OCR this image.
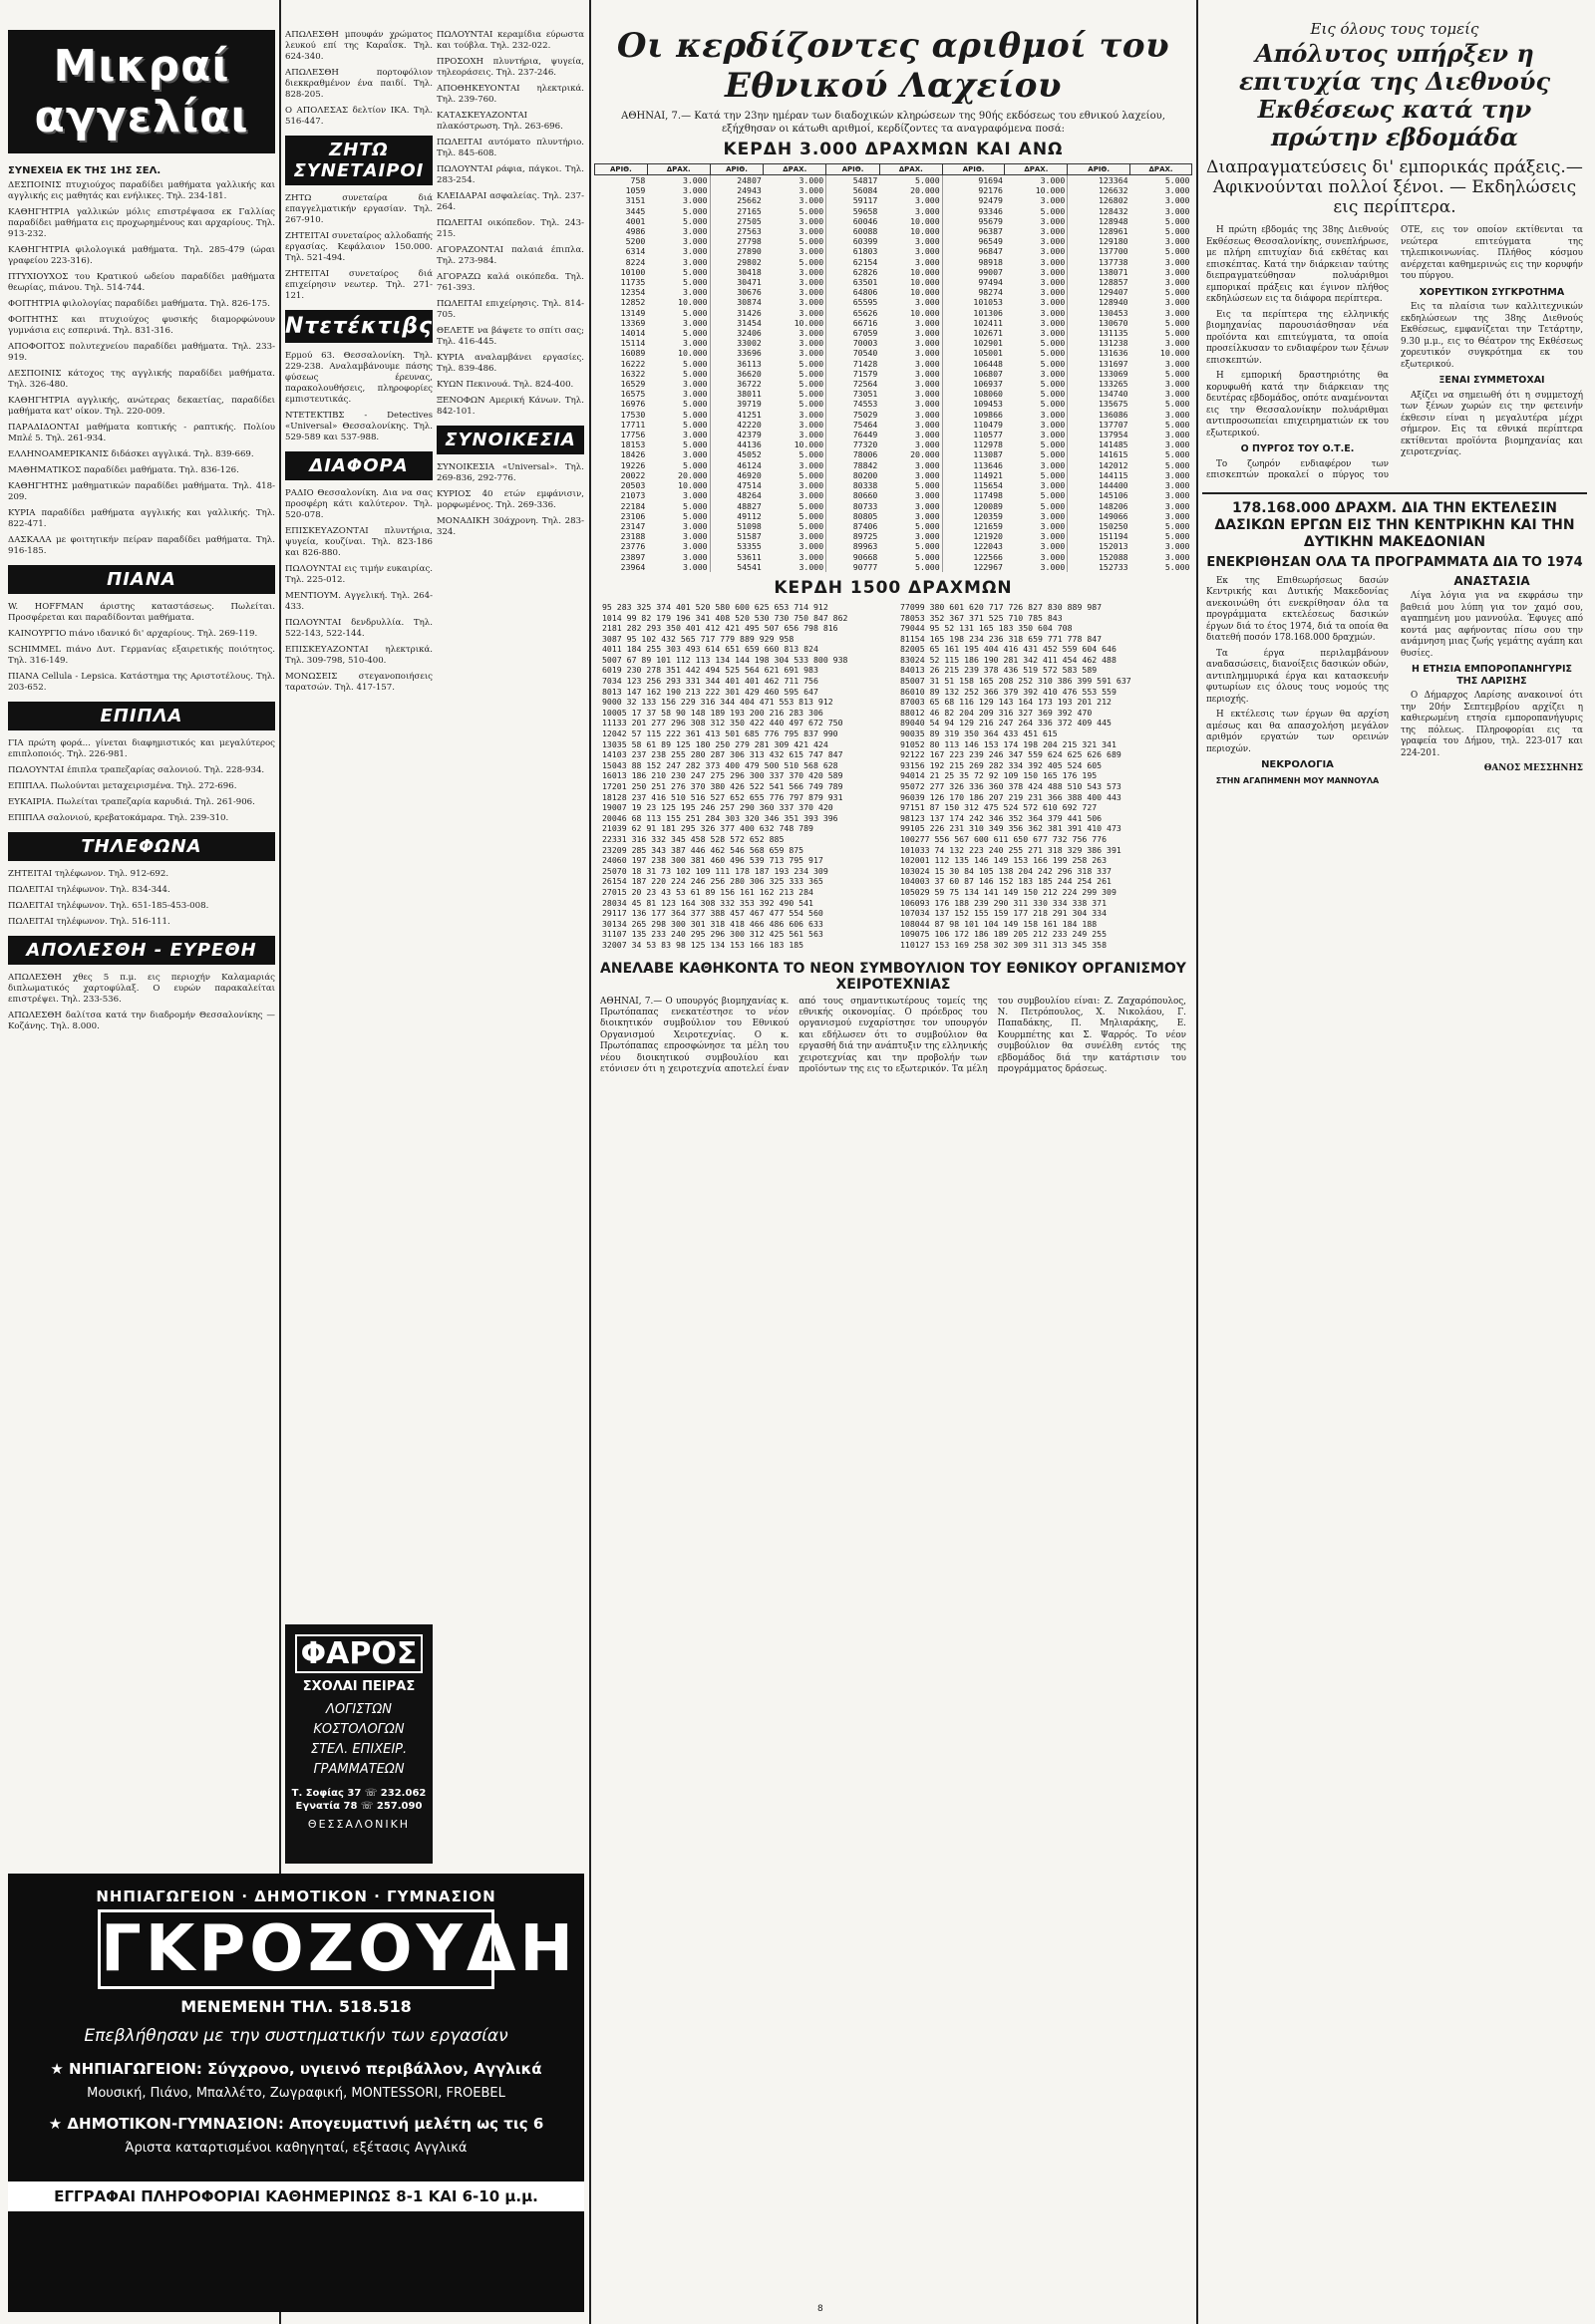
Μικραί αγγελίαι
ΣΥΝΕΧΕΙΑ ΕΚ ΤΗΣ 1ΗΣ ΣΕΛ.
ΔΕΣΠΟΙΝΙΣ πτυχιούχος παραδίδει μαθήματα γαλλικής και αγγλικής εις μαθητάς και ενήλικες. Τηλ. 234-181.
ΚΑΘΗΓΗΤΡΙΑ γαλλικών μόλις επιστρέψασα εκ Γαλλίας παραδίδει μαθήματα εις προχωρημένους και αρχαρίους. Τηλ. 913-232.
ΚΑΘΗΓΗΤΡΙΑ φιλολογικά μαθήματα. Τηλ. 285-479 (ώραι γραφείου 223-316).
ΠΤΥΧΙΟΥΧΟΣ του Κρατικού ωδείου παραδίδει μαθήματα θεωρίας, πιάνου. Τηλ. 514-744.
ΦΟΙΤΗΤΡΙΑ φιλολογίας παραδίδει μαθήματα. Τηλ. 826-175.
ΦΟΙΤΗΤΗΣ και πτυχιούχος φυσικής διαμορφώνουν γυμνάσια εις εσπερινά. Τηλ. 831-316.
ΑΠΟΦΟΙΤΟΣ πολυτεχνείου παραδίδει μαθήματα. Τηλ. 233-919.
ΔΕΣΠΟΙΝΙΣ κάτοχος της αγγλικής παραδίδει μαθήματα. Τηλ. 326-480.
ΚΑΘΗΓΗΤΡΙΑ αγγλικής, ανώτερας δεκαετίας, παραδίδει μαθήματα κατ' οίκον. Τηλ. 220-009.
ΠΑΡΑΔΙΔΟΝΤΑΙ μαθήματα κοπτικής - ραπτικής. Πολίου Μπλέ 5. Τηλ. 261-934.
ΕΛΛΗΝΟΑΜΕΡΙΚΑΝΙΣ διδάσκει αγγλικά. Τηλ. 839-669.
ΜΑΘΗΜΑΤΙΚΟΣ παραδίδει μαθήματα. Τηλ. 836-126.
ΚΑΘΗΓΗΤΗΣ μαθηματικών παραδίδει μαθήματα. Τηλ. 418-209.
ΚΥΡΙΑ παραδίδει μαθήματα αγγλικής και γαλλικής. Τηλ. 822-471.
ΔΑΣΚΑΛΑ με φοιτητικήν πείραν παραδίδει μαθήματα. Τηλ. 916-185.
ΠΙΑΝΑ
W. HOFFMAN άριστης καταστάσεως. Πωλείται. Προσφέρεται και παραδίδονται μαθήματα.
ΚΑΙΝΟΥΡΓΙΟ πιάνο ιδανικό δι' αρχαρίους. Τηλ. 269-119.
SCHIMMEL πιάνο Δυτ. Γερμανίας εξαιρετικής ποιότητος. Τηλ. 316-149.
ΠΙΑΝΑ Cellula - Lepsica. Κατάστημα της Αριστοτέλους. Τηλ. 203-652.
ΕΠΙΠΛΑ
ΓΙΑ πρώτη φορά... γίνεται διαφημιστικός και μεγαλύτερος επιπλοποιός. Τηλ. 226-981.
ΠΩΛΟΥΝΤΑΙ έπιπλα τραπεζαρίας σαλονιού. Τηλ. 228-934.
ΕΠΙΠΛΑ. Πωλούνται μεταχειρισμένα. Τηλ. 272-696.
ΕΥΚΑΙΡΙΑ. Πωλείται τραπεζαρία καρυδιά. Τηλ. 261-906.
ΕΠΙΠΛΑ σαλονιού, κρεβατοκάμαρα. Τηλ. 239-310.
ΤΗΛΕΦΩΝΑ
ΖΗΤΕΙΤΑΙ τηλέφωνον. Τηλ. 912-692.
ΠΩΛΕΙΤΑΙ τηλέφωνον. Τηλ. 834-344.
ΠΩΛΕΙΤΑΙ τηλέφωνον. Τηλ. 651-185-453-008.
ΠΩΛΕΙΤΑΙ τηλέφωνον. Τηλ. 516-111.
ΑΠΟΛΕΣΘΗ - ΕΥΡΕΘΗ
ΑΠΩΛΕΣΘΗ χθες 5 π.μ. εις περιοχήν Καλαμαριάς διπλωματικός χαρτοφύλαξ. Ο ευρών παρακαλείται επιστρέψει. Τηλ. 233-536.
ΑΠΩΛΕΣΘΗ δαλίτσα κατά την διαδρομήν Θεσσαλονίκης — Κοζάνης. Τηλ. 8.000.
ΑΠΩΛΕΣΘΗ μπουφάν χρώματος λευκού επί της Καραΐσκ. Τηλ. 624-340.
ΑΠΩΛΕΣΘΗ πορτοφόλιον διεκκραθμένον ένα παιδί. Τηλ. 828-205.
Ο ΑΠΟΛΕΣΑΣ δελτίον ΙΚΑ. Τηλ. 516-447.
ΖΗΤΩ ΣΥΝΕΤΑΙΡΟΙ
ΖΗΤΩ συνεταίρα διά επαγγελματικήν εργασίαν. Τηλ. 267-910.
ΖΗΤΕΙΤΑΙ συνεταίρος αλλοδαπής εργασίας. Κεφάλαιον 150.000. Τηλ. 521-494.
ΖΗΤΕΙΤΑΙ συνεταίρος διά επιχείρησιν νεωτερ. Τηλ. 271-121.
Ντετέκτιβς
Ερμού 63. Θεσσαλονίκη. Τηλ. 229-238. Αναλαμβάνουμε πάσης φύσεως έρευνας, παρακολουθήσεις, πληροφορίες εμπιστευτικάς.
ΝΤΕΤΕΚΤΙΒΣ - Detectives «Universal» Θεσσαλονίκης. Τηλ. 529-589 και 537-988.
ΔΙΑΦΟΡΑ
ΡΑΔΙΟ Θεσσαλονίκη. Δια να σας προσφέρη κάτι καλύτερον. Τηλ. 520-078.
ΕΠΙΣΚΕΥΑΖΟΝΤΑΙ πλυντήρια, ψυγεία, κουζίναι. Τηλ. 823-186 και 826-880.
ΠΩΛΟΥΝΤΑΙ εις τιμήν ευκαιρίας. Τηλ. 225-012.
ΜΕΝΤΙΟΥΜ. Αγγελική. Τηλ. 264-433.
ΠΩΛΟΥΝΤΑΙ δενδρυλλία. Τηλ. 522-143, 522-144.
ΕΠΙΣΚΕΥΑΖΟΝΤΑΙ ηλεκτρικά. Τηλ. 309-798, 510-400.
ΜΟΝΩΣΕΙΣ στεγανοποιήσεις ταρατσών. Τηλ. 417-157.
ΠΩΛΟΥΝΤΑΙ κεραμίδια εύρωστα και τούβλα. Τηλ. 232-022.
ΠΡΟΣΟΧΗ πλυντήρια, ψυγεία, τηλεοράσεις. Τηλ. 237-246.
ΑΠΟΘΗΚΕΥΟΝΤΑΙ ηλεκτρικά. Τηλ. 239-760.
ΚΑΤΑΣΚΕΥΑΖΟΝΤΑΙ πλακόστρωση. Τηλ. 263-696.
ΠΩΛΕΙΤΑΙ αυτόματο πλυντήριο. Τηλ. 845-608.
ΠΩΛΟΥΝΤΑΙ ράφια, πάγκοι. Τηλ. 283-254.
ΚΛΕΙΔΑΡΑΙ ασφαλείας. Τηλ. 237-264.
ΠΩΛΕΙΤΑΙ οικόπεδον. Τηλ. 243-215.
ΑΓΟΡΑΖΟΝΤΑΙ παλαιά έπιπλα. Τηλ. 273-984.
ΑΓΟΡΑΖΩ καλά οικόπεδα. Τηλ. 761-393.
ΠΩΛΕΙΤΑΙ επιχείρησις. Τηλ. 814-705.
ΘΕΛΕΤΕ να βάψετε το σπίτι σας; Τηλ. 416-445.
ΚΥΡΙΑ αναλαμβάνει εργασίες. Τηλ. 839-486.
ΚΥΩΝ Πεκινουά. Τηλ. 824-400.
ΞΕΝΟΦΩΝ Αμερική Κάνων. Τηλ. 842-101.
ΣΥΝΟΙΚΕΣΙΑ
ΣΥΝΟΙΚΕΣΙΑ «Universal». Τηλ. 269-836, 292-776.
ΚΥΡΙΟΣ 40 ετών εμφάνισιν, μορφωμένος. Τηλ. 269-336.
ΜΟΝΑΔΙΚΗ 30άχρονη. Τηλ. 283-324.
ΦΑΡΟΣ
ΣΧΟΛΑΙ ΠΕΙΡΑΣ
ΛΟΓΙΣΤΩΝ
ΚΟΣΤΟΛΟΓΩΝ
ΣΤΕΛ. ΕΠΙΧΕΙΡ.
ΓΡΑΜΜΑΤΕΩΝ
Τ. Σοφίας 37 ☏ 232.062
Εγνατία 78 ☏ 257.090
ΘΕΣΣΑΛΟΝΙΚΗ
ΝΗΠΙΑΓΩΓΕΙΟΝ · ΔΗΜΟΤΙΚΟΝ · ΓΥΜΝΑΣΙΟΝ
ΓΚΡΟΖΟΥΔΗ
ΜΕΝΕΜΕΝΗ ΤΗΛ. 518.518
Επεβλήθησαν με την συστηματικήν των εργασίαν
★ ΝΗΠΙΑΓΩΓΕΙΟΝ: Σύγχρονο, υγιεινό περιβάλλον, Αγγλικά
Μουσική, Πιάνο, Μπαλλέτο, Ζωγραφική, MONTESSORI, FROEBEL
★ ΔΗΜΟΤΙΚΟΝ-ΓΥΜΝΑΣΙΟΝ: Απογευματινή μελέτη ως τις 6
Άριστα καταρτισμένοι καθηγηταί, εξέτασις Αγγλικά
ΕΓΓΡΑΦΑΙ ΠΛΗΡΟΦΟΡΙΑΙ ΚΑΘΗΜΕΡΙΝΩΣ 8-1 ΚΑΙ 6-10 μ.μ.
Οι κερδίζοντες αριθμοί του Εθνικού Λαχείου
ΑΘΗΝΑΙ, 7.— Κατά την 23ην ημέραν των διαδοχικών κληρώσεων της 90ής εκδόσεως του εθνικού λαχείου, εξήχθησαν οι κάτωθι αριθμοί, κερδίζοντες τα αναγραφόμενα ποσά:
ΚΕΡΔΗ 3.000 ΔΡΑΧΜΩΝ ΚΑΙ ΑΝΩ
ΑΡΙΘ.	ΔΡΑΧ.	ΑΡΙΘ.	ΔΡΑΧ.	ΑΡΙΘ.	ΔΡΑΧ.	ΑΡΙΘ.	ΔΡΑΧ.	ΑΡΙΘ.	ΔΡΑΧ.
758	3.000	24807	3.000	54817	5.000	91694	3.000	123364	5.000
1059	3.000	24943	3.000	56084	20.000	92176	10.000	126632	3.000
3151	3.000	25662	3.000	59117	3.000	92479	3.000	126802	3.000
3445	5.000	27165	5.000	59658	3.000	93346	5.000	128432	3.000
4001	5.000	27505	3.000	60046	10.000	95679	3.000	128948	5.000
4986	3.000	27563	3.000	60088	10.000	96387	3.000	128961	5.000
5200	3.000	27798	5.000	60399	3.000	96549	3.000	129180	3.000
6314	3.000	27890	3.000	61803	3.000	96847	3.000	137700	5.000
8224	3.000	29802	5.000	62154	3.000	98918	3.000	137738	3.000
10100	5.000	30418	3.000	62826	10.000	99007	3.000	138071	3.000
11735	5.000	30471	3.000	63501	10.000	97494	3.000	128857	3.000
12354	3.000	30676	3.000	64806	10.000	98274	3.000	129407	5.000
12852	10.000	30874	3.000	65595	3.000	101053	3.000	128940	3.000
13149	5.000	31426	3.000	65626	10.000	101306	3.000	130453	3.000
13369	3.000	31454	10.000	66716	3.000	102411	3.000	130670	5.000
14014	5.000	32406	3.000	67059	3.000	102671	3.000	131135	5.000
15114	3.000	33002	3.000	70003	3.000	102901	5.000	131238	3.000
16089	10.000	33696	3.000	70540	3.000	105001	5.000	131636	10.000
16222	5.000	36113	5.000	71428	3.000	106448	5.000	131697	3.000
16322	5.000	36620	5.000	71579	3.000	106807	3.000	133069	5.000
16529	3.000	36722	5.000	72564	3.000	106937	5.000	133265	3.000
16575	3.000	38011	5.000	73051	3.000	108060	5.000	134740	3.000
16976	5.000	39719	5.000	74553	3.000	109453	5.000	135675	5.000
17530	5.000	41251	3.000	75029	3.000	109866	3.000	136086	3.000
17711	5.000	42220	3.000	75464	3.000	110479	3.000	137707	5.000
17756	3.000	42379	3.000	76449	3.000	110577	3.000	137954	3.000
18153	5.000	44136	10.000	77320	3.000	112978	5.000	141485	3.000
18426	3.000	45052	5.000	78006	20.000	113087	5.000	141615	5.000
19226	5.000	46124	3.000	78842	3.000	113646	3.000	142012	5.000
20022	20.000	46920	5.000	80200	3.000	114921	5.000	144115	3.000
20503	10.000	47514	3.000	80338	5.000	115654	3.000	144400	3.000
21073	3.000	48264	3.000	80660	3.000	117498	5.000	145106	3.000
22184	5.000	48827	5.000	80733	3.000	120089	5.000	148206	3.000
23106	5.000	49112	5.000	80805	3.000	120359	3.000	149066	3.000
23147	3.000	51098	5.000	87406	5.000	121659	3.000	150250	5.000
23188	3.000	51587	3.000	89725	3.000	121920	3.000	151194	5.000
23776	3.000	53355	3.000	89963	5.000	122043	3.000	152013	3.000
23897	3.000	53611	3.000	90668	5.000	122566	3.000	152088	3.000
23964	3.000	54541	3.000	90777	5.000	122967	3.000	152733	5.000
ΚΕΡΔΗ 1500 ΔΡΑΧΜΩΝ
95 283 325 374 401 520 580 600 625 653 714 912
1014 99 82 179 196 341 408 520 530 730 750 847 862
2181 282 293 350 401 412 421 495 507 656 798 816
3087 95 102 432 565 717 779 889 929 958
4011 184 255 303 493 614 651 659 660 813 824
5007 67 89 101 112 113 134 144 198 304 533 800 938
6019 230 278 351 442 494 525 564 621 691 983
7034 123 256 293 331 344 401 401 462 711 756
8013 147 162 190 213 222 301 429 460 595 647
9000 32 133 156 229 316 344 404 471 553 813 912
10005 17 37 58 90 148 189 193 200 216 283 306
11133 201 277 296 308 312 350 422 440 497 672 750
12042 57 115 222 361 413 501 685 776 795 837 990
13035 58 61 89 125 180 250 279 281 309 421 424
14103 237 238 255 280 287 306 313 432 615 747 847
15043 88 152 247 282 373 400 479 500 510 568 628
16013 186 210 230 247 275 296 300 337 370 420 589
17201 250 251 276 370 380 426 522 541 566 749 789
18128 237 416 510 516 527 652 655 776 797 879 931
19007 19 23 125 195 246 257 290 360 337 370 420
20046 68 113 155 251 284 303 320 346 351 393 396
21039 62 91 181 295 326 377 400 632 748 789
22331 316 332 345 458 528 572 652 885
23209 285 343 387 446 462 546 568 659 875
24060 197 238 300 381 460 496 539 713 795 917
25070 18 31 73 102 109 111 178 187 193 234 309
26154 187 220 224 246 256 280 306 325 333 365
27015 20 23 43 53 61 89 156 161 162 213 284
28034 45 81 123 164 308 332 353 392 490 541
29117 136 177 364 377 388 457 467 477 554 560
30134 265 298 300 301 318 418 466 486 606 633
31107 135 233 240 295 296 300 312 425 561 563
32007 34 53 83 98 125 134 153 166 183 185
77099 380 601 620 717 726 827 830 889 987
78053 352 367 371 525 710 785 843
79044 95 52 131 165 183 350 604 708
81154 165 198 234 236 318 659 771 778 847
82005 65 161 195 404 416 431 452 559 604 646
83024 52 115 186 190 281 342 411 454 462 488
84013 26 215 239 378 436 519 572 583 589
85007 31 51 158 165 208 252 310 386 399 591 637
86010 89 132 252 366 379 392 410 476 553 559
87003 65 68 116 129 143 164 173 193 201 212
88012 46 82 204 209 316 327 369 392 470
89040 54 94 129 216 247 264 336 372 409 445
90035 89 319 350 364 433 451 615
91052 80 113 146 153 174 198 204 215 321 341
92122 167 223 239 246 347 559 624 625 626 689
93156 192 215 269 282 334 392 405 524 605
94014 21 25 35 72 92 109 150 165 176 195
95072 277 326 336 360 378 424 488 510 543 573
96039 126 170 186 207 219 231 366 388 400 443
97151 87 150 312 475 524 572 610 692 727
98123 137 174 242 346 352 364 379 441 506
99105 226 231 310 349 356 362 381 391 410 473
100277 556 567 600 611 650 677 732 756 776
101033 74 132 223 240 255 271 318 329 386 391
102001 112 135 146 149 153 166 199 258 263
103024 15 30 84 105 138 204 242 296 318 337
104003 37 60 87 146 152 183 185 244 254 261
105029 59 75 134 141 149 150 212 224 299 309
106093 176 188 239 290 311 330 334 338 371
107034 137 152 155 159 177 218 291 304 334
108044 87 98 101 104 149 158 161 184 188
109075 106 172 186 189 205 212 233 249 255
110127 153 169 258 302 309 311 313 345 358
ΑΝΕΛΑΒΕ ΚΑΘΗΚΟΝΤΑ ΤΟ ΝΕΟΝ ΣΥΜΒΟΥΛΙΟΝ ΤΟΥ ΕΘΝΙΚΟΥ ΟΡΓΑΝΙΣΜΟΥ ΧΕΙΡΟΤΕΧΝΙΑΣ
ΑΘΗΝΑΙ, 7.— Ο υπουργός βιομηχανίας κ. Πρωτόπαπας ενεκατέστησε το νέον διοικητικόν συμβούλιον του Εθνικού Οργανισμού Χειροτεχνίας. Ο κ. Πρωτόπαπας επροσφώνησε τα μέλη του νέου διοικητικού συμβουλίου και ετόνισεν ότι η χειροτεχνία αποτελεί έναν από τους σημαντικωτέρους τομείς της εθνικής οικονομίας. Ο πρόεδρος του οργανισμού ευχαρίστησε τον υπουργόν και εδήλωσεν ότι το συμβούλιον θα εργασθή διά την ανάπτυξιν της ελληνικής χειροτεχνίας και την προβολήν των προϊόντων της εις το εξωτερικόν. Τα μέλη του συμβουλίου είναι: Ζ. Ζαχαρόπουλος, Ν. Πετρόπουλος, Χ. Νικολάου, Γ. Παπαδάκης, Π. Μηλιαράκης, Ε. Κουρμπέτης και Σ. Ψαρρός. Το νέον συμβούλιον θα συνέλθη εντός της εβδομάδος διά την κατάρτισιν του προγράμματος δράσεως.
Εις όλους τους τομείς
Απόλυτος υπήρξεν η επιτυχία της Διεθνούς Εκθέσεως κατά την πρώτην εβδομάδα
Διαπραγματεύσεις δι' εμπορικάς πράξεις.— Αφικνούνται πολλοί ξένοι. — Εκδηλώσεις εις περίπτερα.

Η πρώτη εβδομάς της 38ης Διεθνούς Εκθέσεως Θεσσαλονίκης, συνεπλήρωσε, με πλήρη επιτυχίαν διά εκθέτας και επισκέπτας. Κατά την διάρκειαν ταύτης διεπραγματεύθησαν πολυάριθμοι εμπορικαί πράξεις και έγινον πλήθος εκδηλώσεων εις τα διάφορα περίπτερα.

Εις τα περίπτερα της ελληνικής βιομηχανίας παρουσιάσθησαν νέα προϊόντα και επιτεύγματα, τα οποία προσείλκυσαν το ενδιαφέρον των ξένων επισκεπτών.

Η εμπορική δραστηριότης θα κορυφωθή κατά την διάρκειαν της δευτέρας εβδομάδος, οπότε αναμένονται εις την Θεσσαλονίκην πολυάριθμαι αντιπροσωπείαι επιχειρηματιών εκ του εξωτερικού.

Ο ΠΥΡΓΟΣ ΤΟΥ Ο.Τ.Ε.

Το ζωηρόν ενδιαφέρον των επισκεπτών προκαλεί ο πύργος του ΟΤΕ, εις τον οποίον εκτίθενται τα νεώτερα επιτεύγματα της τηλεπικοινωνίας. Πλήθος κόσμου ανέρχεται καθημερινώς εις την κορυφήν του πύργου.

ΧΟΡΕΥΤΙΚΟΝ ΣΥΓΚΡΟΤΗΜΑ

Εις τα πλαίσια των καλλιτεχνικών εκδηλώσεων της 38ης Διεθνούς Εκθέσεως, εμφανίζεται την Τετάρτην, 9.30 μ.μ., εις το Θέατρον της Εκθέσεως χορευτικόν συγκρότημα εκ του εξωτερικού.

ΞΕΝΑΙ ΣΥΜΜΕΤΟΧΑΙ

Αξίζει να σημειωθή ότι η συμμετοχή των ξένων χωρών εις την φετεινήν έκθεσιν είναι η μεγαλυτέρα μέχρι σήμερον. Εις τα εθνικά περίπτερα εκτίθενται προϊόντα βιομηχανίας και χειροτεχνίας.

178.168.000 ΔΡΑΧΜ. ΔΙΑ ΤΗΝ ΕΚΤΕΛΕΣΙΝ ΔΑΣΙΚΩΝ ΕΡΓΩΝ ΕΙΣ ΤΗΝ ΚΕΝΤΡΙΚΗΝ ΚΑΙ ΤΗΝ ΔΥΤΙΚΗΝ ΜΑΚΕΔΟΝΙΑΝ
ΕΝΕΚΡΙΘΗΣΑΝ ΟΛΑ ΤΑ ΠΡΟΓΡΑΜΜΑΤΑ ΔΙΑ ΤΟ 1974

Εκ της Επιθεωρήσεως δασών Κεντρικής και Δυτικής Μακεδονίας ανεκοινώθη ότι ενεκρίθησαν όλα τα προγράμματα εκτελέσεως δασικών έργων διά το έτος 1974, διά τα οποία θα διατεθή ποσόν 178.168.000 δραχμών.

Τα έργα περιλαμβάνουν αναδασώσεις, διανοίξεις δασικών οδών, αντιπλημμυρικά έργα και κατασκευήν φυτωρίων εις όλους τους νομούς της περιοχής.

Η εκτέλεσις των έργων θα αρχίση αμέσως και θα απασχολήση μεγάλον αριθμόν εργατών των ορεινών περιοχών.

ΝΕΚΡΟΛΟΓΙΑ
ΣΤΗΝ ΑΓΑΠΗΜΕΝΗ ΜΟΥ ΜΑΝΝΟΥΛΑ
ΑΝΑΣΤΑΣΙΑ

Λίγα λόγια για να εκφράσω την βαθειά μου λύπη για τον χαμό σου, αγαπημένη μου μαννούλα. Έφυγες από κοντά μας αφήνοντας πίσω σου την ανάμνηση μιας ζωής γεμάτης αγάπη και θυσίες.

Η ΕΤΗΣΙΑ ΕΜΠΟΡΟΠΑΝΗΓΥΡΙΣ ΤΗΣ ΛΑΡΙΣΗΣ

Ο Δήμαρχος Λαρίσης ανακοινοί ότι την 20ήν Σεπτεμβρίου αρχίζει η καθιερωμένη ετησία εμποροπανήγυρις της πόλεως. Πληροφορίαι εις τα γραφεία του Δήμου, τηλ. 223-017 και 224-201.

ΘΑΝΟΣ ΜΕΣΣΗΝΗΣ

8
